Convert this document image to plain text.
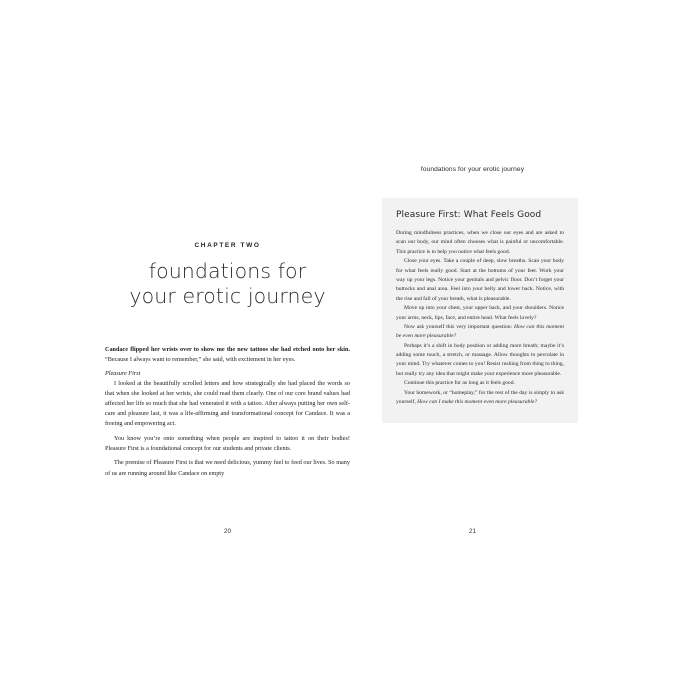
CHAPTER TWO
foundations for
your erotic journey

Candace flipped her wrists over to show me the new tattoos she had etched onto her skin. “Because I always want to remember,” she said, with excitement in her eyes.

Pleasure First

I looked at the beautifully scrolled letters and how strategically she had placed the words so that when she looked at her wrists, she could read them clearly. One of our core brand values had affected her life so much that she had venerated it with a tattoo. After always putting her own self-care and pleasure last, it was a life-affirming and transformational concept for Candace. It was a freeing and empowering act.

You know you’re onto something when people are inspired to tattoo it on their bodies! Pleasure First is a foundational concept for our students and private clients.

The premise of Pleasure First is that we need delicious, yummy fuel to feed our lives. So many of us are running around like Candace on empty

20
foundations for your erotic journey
Pleasure First: What Feels Good

During mindfulness practices, when we close our eyes and are asked to scan our body, our mind often chooses what is painful or uncomfortable. This practice is to help you notice what feels good.

Close your eyes. Take a couple of deep, slow breaths. Scan your body for what feels really good. Start at the bottoms of your feet. Work your way up your legs. Notice your genitals and pelvic floor. Don’t forget your buttocks and anal area. Feel into your belly and lower back. Notice, with the rise and fall of your breath, what is pleasurable.

Move up into your chest, your upper back, and your shoulders. Notice your arms, neck, lips, face, and entire head. What feels lovely?

Now ask yourself this very important question: How can this moment be even more pleasurable?

Perhaps it’s a shift in body position or adding more breath; maybe it’s adding some touch, a stretch, or massage. Allow thoughts to percolate in your mind. Try whatever comes to you! Resist rushing from thing to thing, but really try any idea that might make your experience more pleasurable.

Continue this practice for as long as it feels good.

Your homework, or “homeplay,” for the rest of the day is simply to ask yourself, How can I make this moment even more pleasurable?

21
